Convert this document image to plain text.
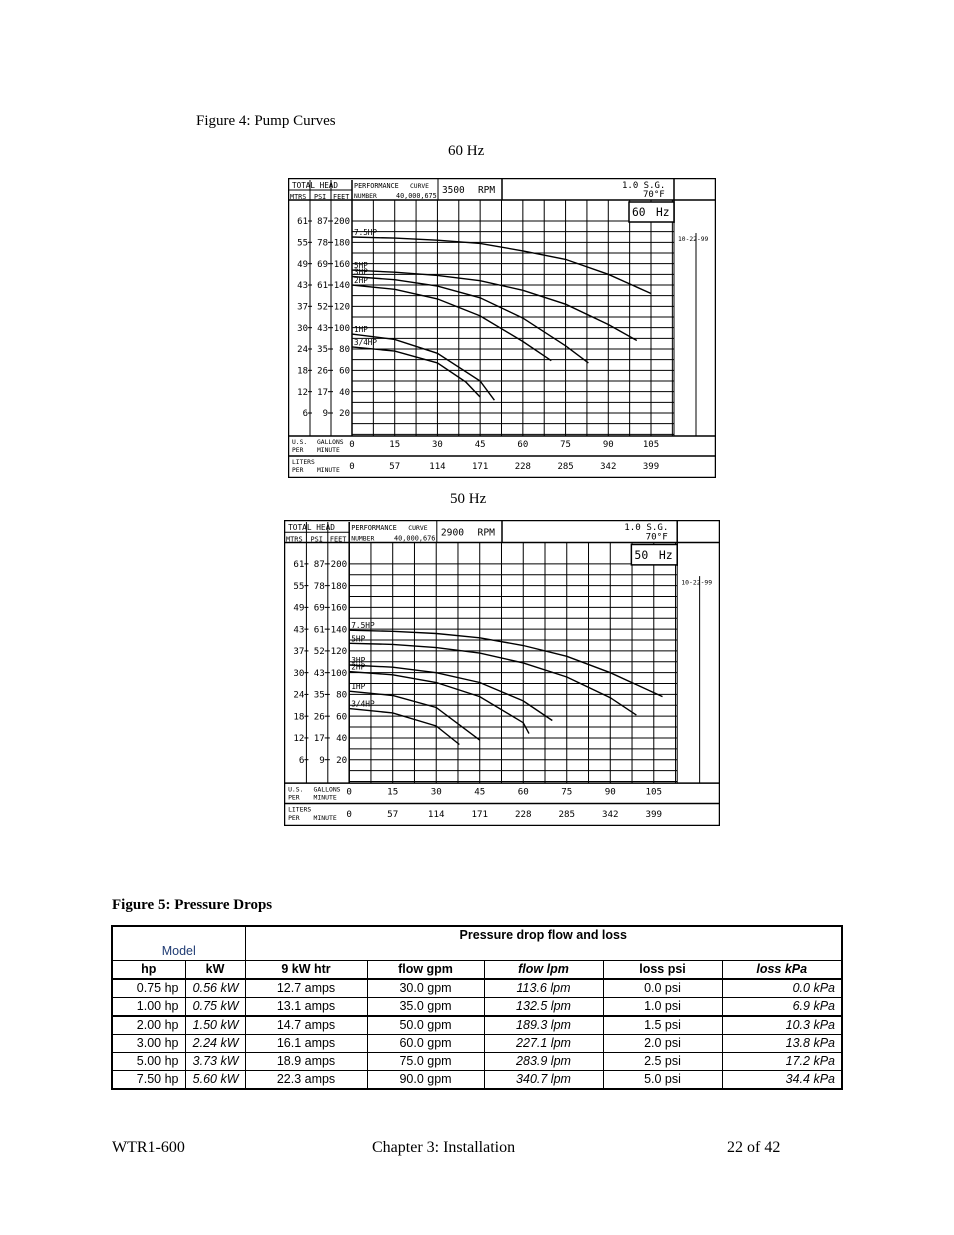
Figure 4: Pump Curves
60 Hz
TOTAL HEAD
MTRS PSI FEET
PERFORMANCE CURVE
NUMBER	40,000,675 3500 RPM	1.0 S.G.
70°F
60 Hz
10-22-99
61 87 200
55 78 180
49 69 160
43 61 140
37 52 120
30 43 100
24 35 80
18 26 60
12 17 40
6 9 20
U.S.
PER
GALLONS
MINUTE
LITERS
PER MINUTE
0	15	30	45	60	75	90	105
0	57	114	171	228	285	342	399
7.5HP
5HP
3HP
2HP
1HP
3/4HP
50 Hz
TOTAL HEAD
MTRS PSI FEET
PERFORMANCE CURVE
NUMBER	40,000,676
2900 RPM	1.0 S.G.
70°F
50 Hz
10-22-99
61 87 200
55 78 180
49 69 160
43 61 140
37 52 120
30 43 100
24 35 80
18 26 60
12 17 40
6 9 20
U.S.
PER
GALLONS
MINUTE
LITERS
PER MINUTE
0	15	30	45	60	75	90	105
0	57	114	171	228	285	342	399
7.5HP
5HP
3HP
2HP
1HP
3/4HP
Figure 5: Pressure Drops
Model		Pressure drop flow and loss				
hp	kW	9 kW htr	flow gpm	flow lpm	loss psi	loss kPa
0.75 hp	0.56 kW	12.7 amps	30.0 gpm	113.6 lpm	0.0 psi	0.0 kPa
1.00 hp	0.75 kW	13.1 amps	35.0 gpm	132.5 lpm	1.0 psi	6.9 kPa
2.00 hp	1.50 kW	14.7 amps	50.0 gpm	189.3 lpm	1.5 psi	10.3 kPa
3.00 hp	2.24 kW	16.1 amps	60.0 gpm	227.1 lpm	2.0 psi	13.8 kPa
5.00 hp	3.73 kW	18.9 amps	75.0 gpm	283.9 lpm	2.5 psi	17.2 kPa
7.50 hp	5.60 kW	22.3 amps	90.0 gpm	340.7 lpm	5.0 psi	34.4 kPa
WTR1-600	Chapter 3: Installation	22 of 42
